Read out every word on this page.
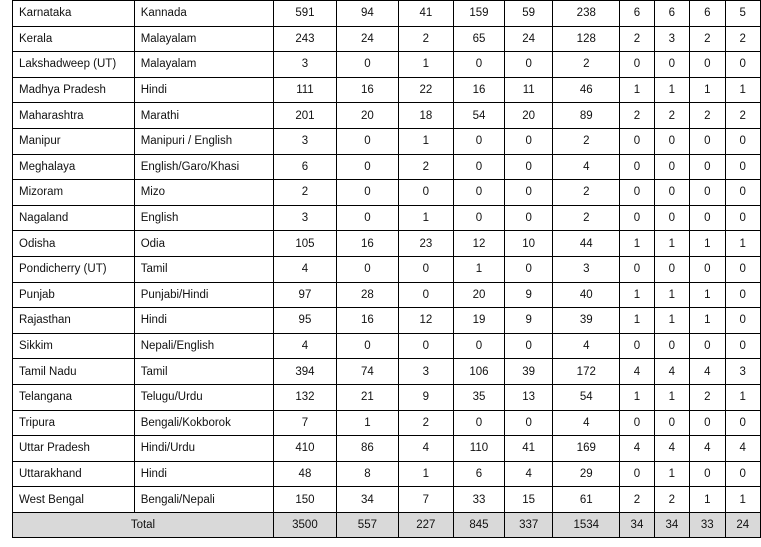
Karnataka	Kannada	591	94	41	159	59	238	6	6	6	5
Kerala	Malayalam	243	24	2	65	24	128	2	3	2	2
Lakshadweep (UT)	Malayalam	3	0	1	0	0	2	0	0	0	0
Madhya Pradesh	Hindi	111	16	22	16	11	46	1	1	1	1
Maharashtra	Marathi	201	20	18	54	20	89	2	2	2	2
Manipur	Manipuri / English	3	0	1	0	0	2	0	0	0	0
Meghalaya	English/Garo/Khasi	6	0	2	0	0	4	0	0	0	0
Mizoram	Mizo	2	0	0	0	0	2	0	0	0	0
Nagaland	English	3	0	1	0	0	2	0	0	0	0
Odisha	Odia	105	16	23	12	10	44	1	1	1	1
Pondicherry (UT)	Tamil	4	0	0	1	0	3	0	0	0	0
Punjab	Punjabi/Hindi	97	28	0	20	9	40	1	1	1	0
Rajasthan	Hindi	95	16	12	19	9	39	1	1	1	0
Sikkim	Nepali/English	4	0	0	0	0	4	0	0	0	0
Tamil Nadu	Tamil	394	74	3	106	39	172	4	4	4	3
Telangana	Telugu/Urdu	132	21	9	35	13	54	1	1	2	1
Tripura	Bengali/Kokborok	7	1	2	0	0	4	0	0	0	0
Uttar Pradesh	Hindi/Urdu	410	86	4	110	41	169	4	4	4	4
Uttarakhand	Hindi	48	8	1	6	4	29	0	1	0	0
West Bengal	Bengali/Nepali	150	34	7	33	15	61	2	2	1	1
Total		3500	557	227	845	337	1534	34	34	33	24
